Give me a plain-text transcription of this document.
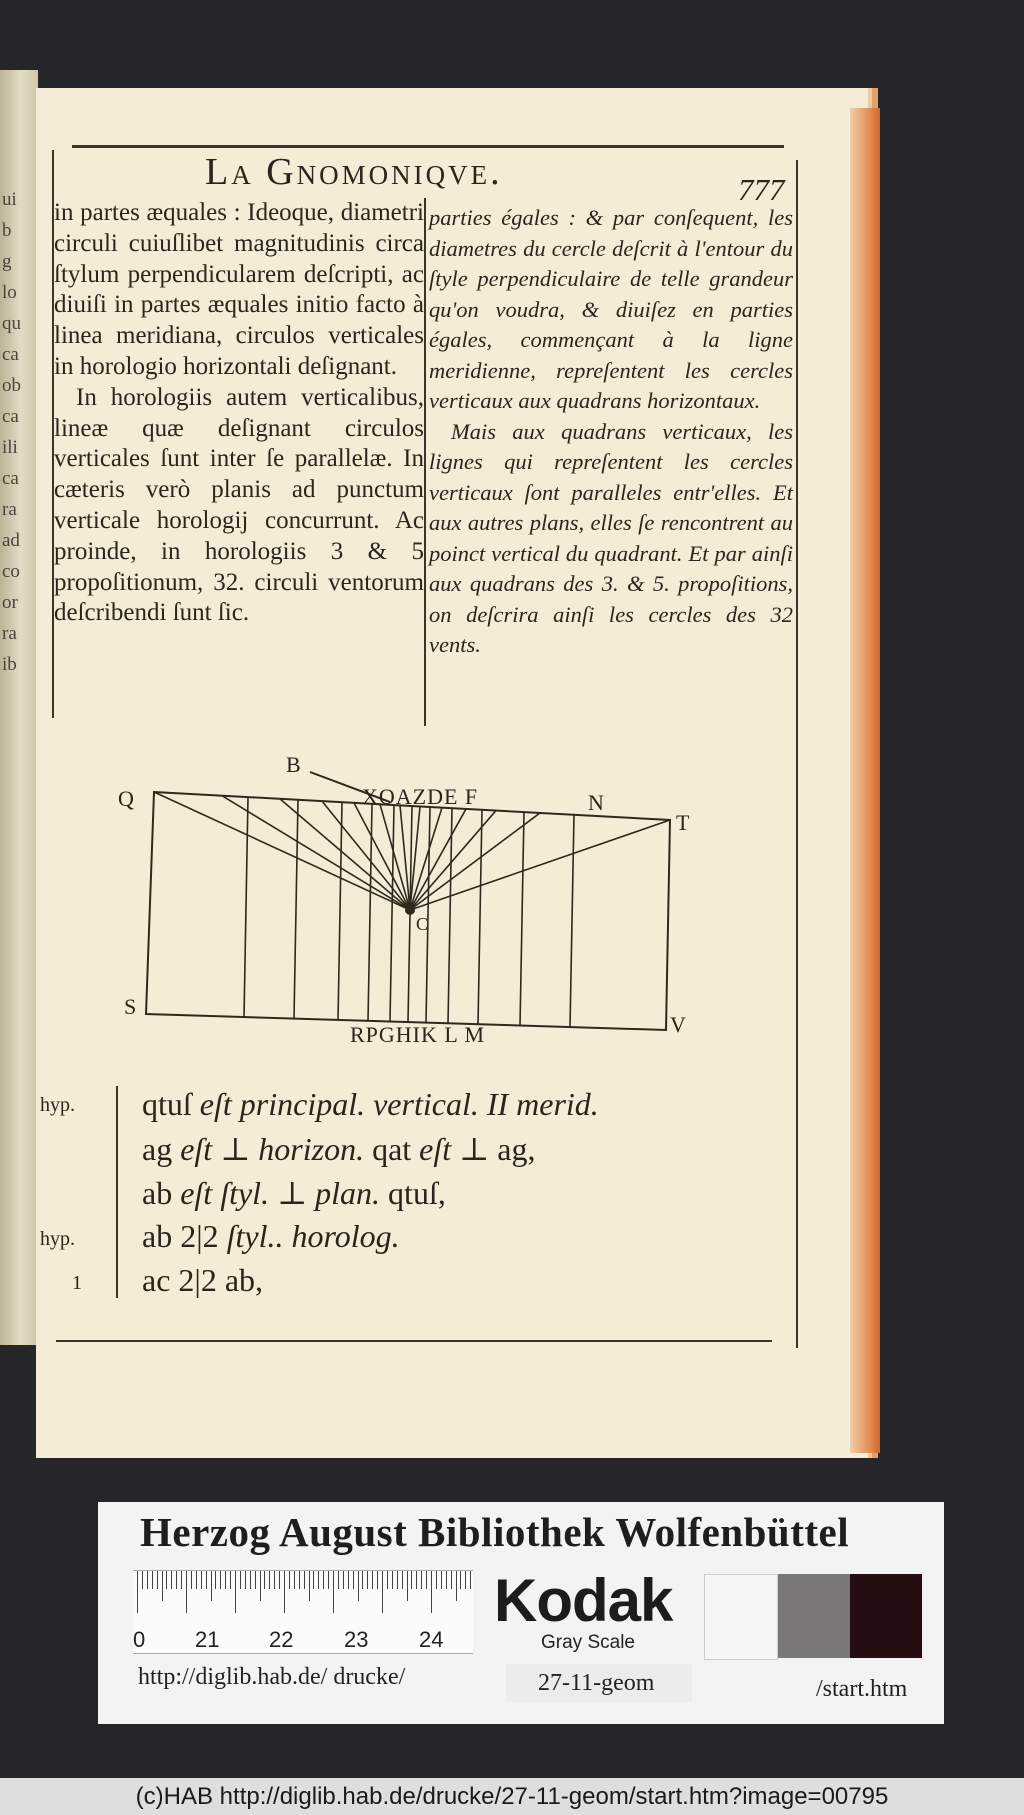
ui
b
g
lo
qu
ca
ob
ca
ili
ca
ra
ad
co
or
ra
ib
La Gnomoniqve.	777

in partes æquales : Ideoque, diametri circuli cuiuſlibet magnitudinis circa ſtylum perpendicularem deſcripti, ac diuiſi in partes æquales initio facto à linea meridiana, circulos verticales in horologio horizontali deſignant.

In horologiis autem verticalibus, lineæ quæ deſignant circulos verticales ſunt inter ſe parallelæ. In cæteris verò planis ad punctum verticale horologij concurrunt. Ac proinde, in horologiis 3 & 5 propoſitionum, 32. circuli ventorum deſcribendi ſunt ſic.

parties égales : & par conſequent, les diametres du cercle deſcrit à l'entour du ſtyle perpendiculaire de telle grandeur qu'on voudra, & diuiſez en parties égales, commençant à la ligne meridienne, repreſentent les cercles verticaux aux quadrans horizontaux.

Mais aux quadrans verticaux, les lignes qui repreſentent les cercles verticaux ſont paralleles entr'elles. Et aux autres plans, elles ſe rencontrent au poinct vertical du quadrant. Et par ainſi aux quadrans des 3. & 5. propoſitions, on deſcrira ainſi les cercles des 32 vents.

B
Q	XOAZDE F	N
T
C
S
V
RPGHIK L M
hyp.
hyp.
1
qtuſ eſt principal. vertical. II merid.
ag eſt ⊥ horizon. qat eſt ⊥ ag,
ab eſt ſtyl. ⊥ plan. qtuſ,
ab 2|2 ſtyl.. horolog.
ac 2|2 ab,
Herzog August Bibliothek Wolfenbüttel
0 21 22 23 24
Kodak
Gray Scale
http://diglib.hab.de/ drucke/	27-11-geom	/start.htm
(c)HAB http://diglib.hab.de/drucke/27-11-geom/start.htm?image=00795
